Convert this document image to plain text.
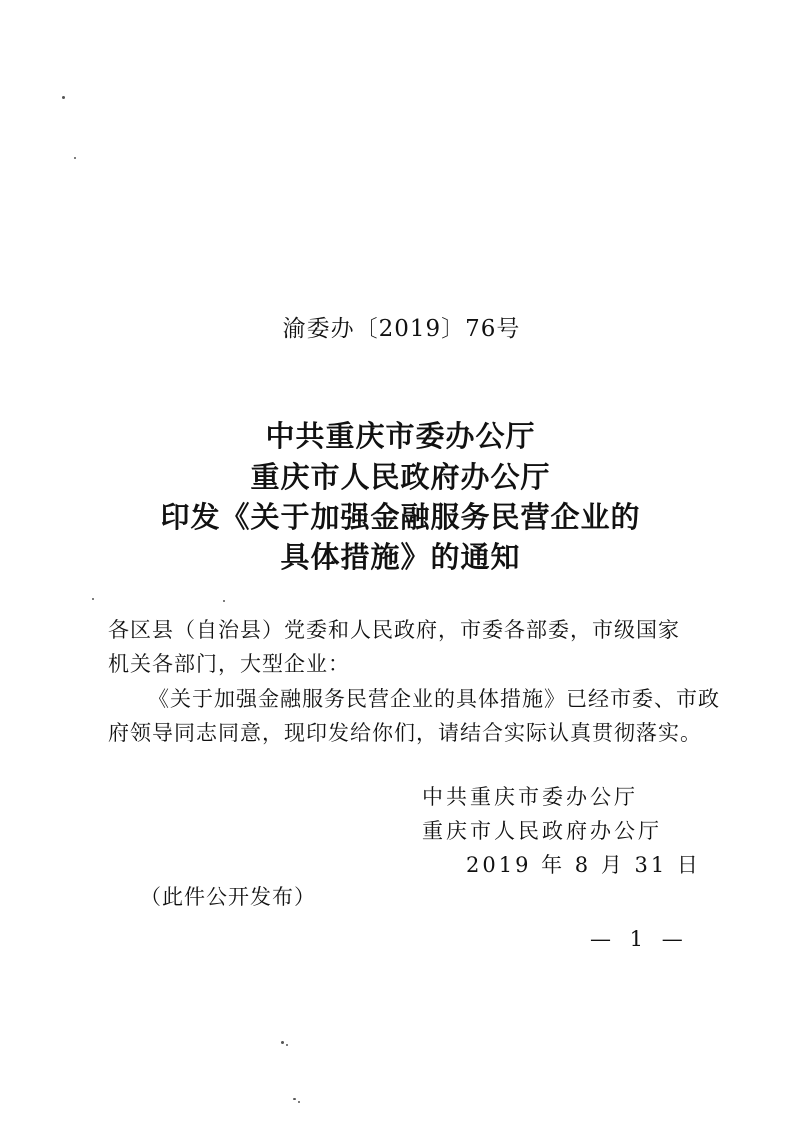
渝委办〔2019〕76号
中共重庆市委办公厅
重庆市人民政府办公厅
印发《关于加强金融服务民营企业的
具体措施》的通知
各区县（自治县）党委和人民政府，市委各部委，市级国家
机关各部门，大型企业：
《关于加强金融服务民营企业的具体措施》已经市委、市政
府领导同志同意，现印发给你们，请结合实际认真贯彻落实。
中共重庆市委办公厅
重庆市人民政府办公厅
2019 年 8 月 31 日
（此件公开发布）
— 1 —
